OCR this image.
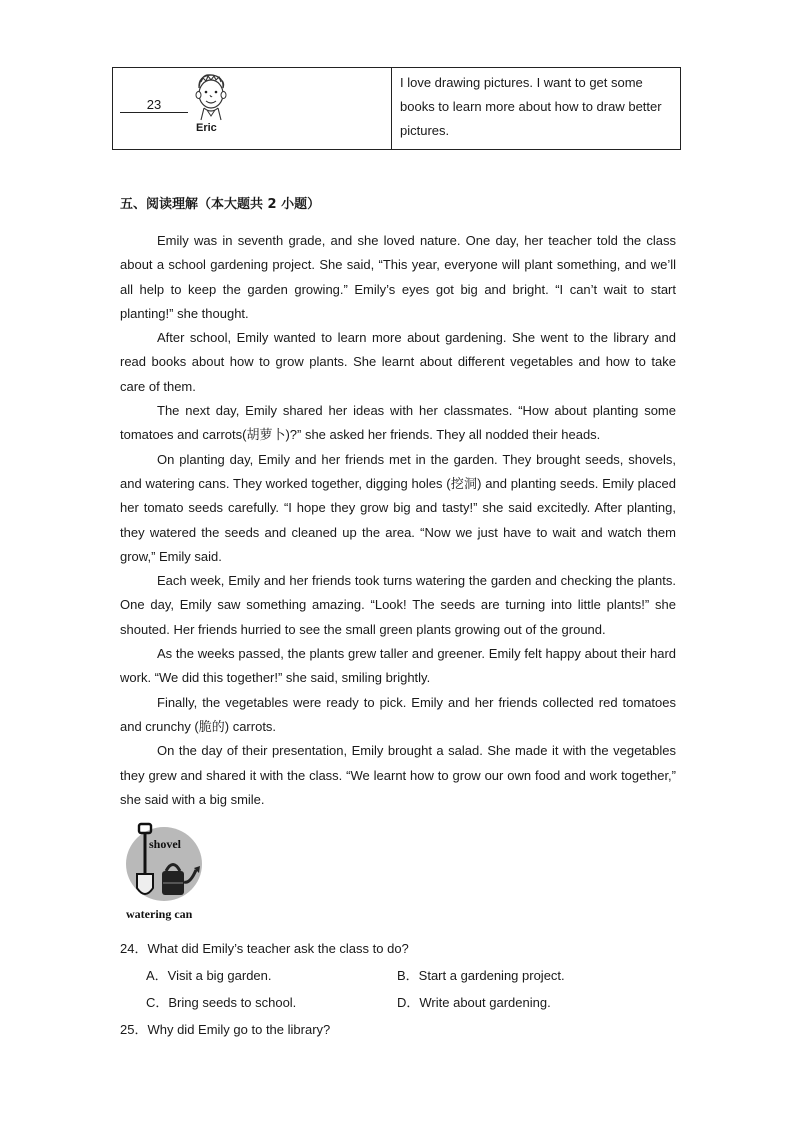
23
Eric
I love drawing pictures. I want to get some books to learn more about how to draw better pictures.
五、阅读理解（本大题共 2 小题）

Emily was in seventh grade, and she loved nature. One day, her teacher told the class about a school gardening project. She said, “This year, everyone will plant something, and we’ll all help to keep the garden growing.” Emily’s eyes got big and bright. “I can’t wait to start planting!” she thought.

After school, Emily wanted to learn more about gardening. She went to the library and read books about how to grow plants. She learnt about different vegetables and how to take care of them.

The next day, Emily shared her ideas with her classmates. “How about planting some tomatoes and carrots(胡萝卜)?” she asked her friends. They all nodded their heads.

On planting day, Emily and her friends met in the garden. They brought seeds, shovels, and watering cans. They worked together, digging holes (挖洞) and planting seeds. Emily placed her tomato seeds carefully. “I hope they grow big and tasty!” she said excitedly. After planting, they watered the seeds and cleaned up the area. “Now we just have to wait and watch them grow,” Emily said.

Each week, Emily and her friends took turns watering the garden and checking the plants. One day, Emily saw something amazing. “Look! The seeds are turning into little plants!” she shouted. Her friends hurried to see the small green plants growing out of the ground.

As the weeks passed, the plants grew taller and greener. Emily felt happy about their hard work. “We did this together!” she said, smiling brightly.

Finally, the vegetables were ready to pick. Emily and her friends collected red tomatoes and crunchy (脆的) carrots.

On the day of their presentation, Emily brought a salad. She made it with the vegetables they grew and shared it with the class. “We learnt how to grow our own food and work together,” she said with a big smile.

shovel
watering can
24．What did Emily’s teacher ask the class to do?
A．Visit a big garden.	B．Start a gardening project.
C．Bring seeds to school.	D．Write about gardening.
25．Why did Emily go to the library?
